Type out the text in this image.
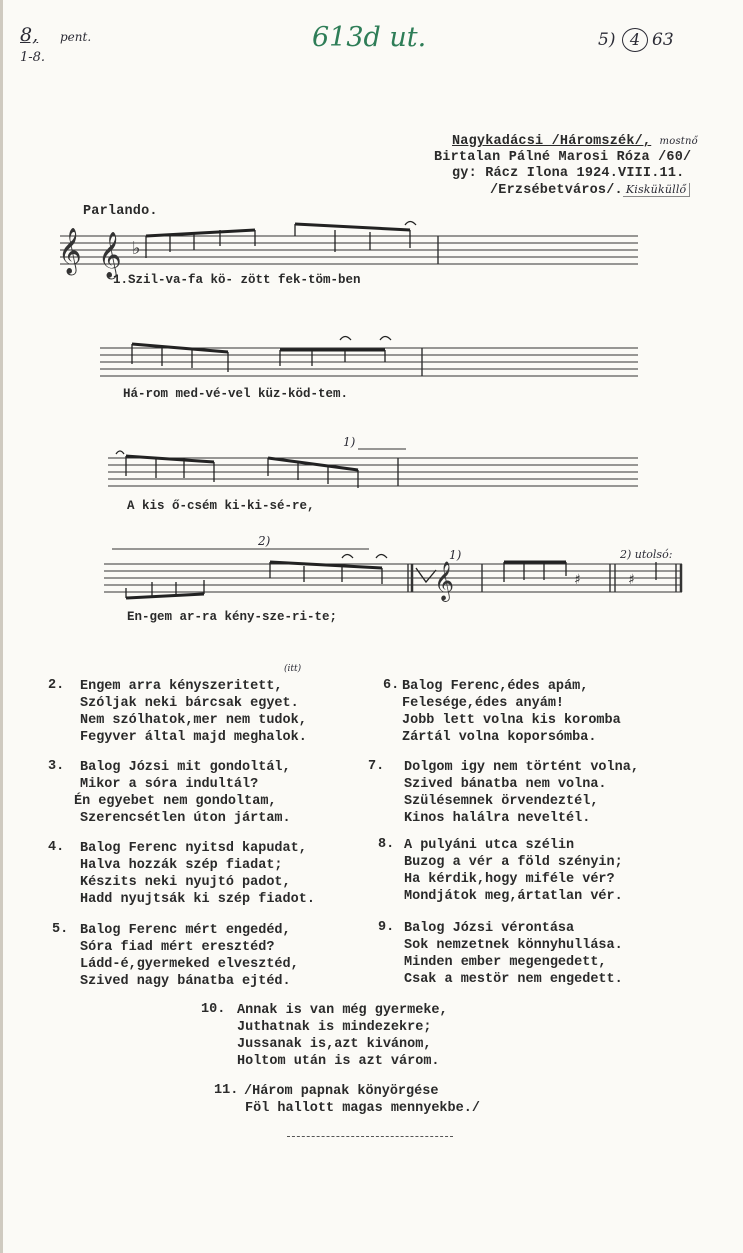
8, pent.
1-8.
613d ut.	5) 4 63
Nagykadácsi /Háromszék/, mostnő
Birtalan Pálné Marosi Róza /60/
gy: Rácz Ilona 1924.VIII.11.
/Erzsébetváros/. Kisküküllő
Parlando.
𝄞 𝄞 ♭
1.Szil-va-fa kö- zött fek-töm-ben
Há-rom med-vé-vel küz-köd-tem.
1)
A kis ő-csém ki-ki-sé-re,
𝄞	♯	♯
2)
1)	2) utolsó:
En-gem ar-ra kény-sze-ri-te;
2.
(itt)
Engem arra kényszeritett,
Szóljak neki bárcsak egyet.
Nem szólhatok,mer nem tudok,
Fegyver által majd meghalok.
3. Balog Józsi mit gondoltál,
Mikor a sóra indultál?
Én egyebet nem gondoltam,
Szerencsétlen úton jártam.
4. Balog Ferenc nyitsd kapudat,
Halva hozzák szép fiadat;
Készits neki nyujtó padot,
Hadd nyujtsák ki szép fiadot.
5. Balog Ferenc mért engedéd,
Sóra fiad mért eresztéd?
Ládd-é,gyermeked elvesztéd,
Szived nagy bánatba ejtéd.
6. Balog Ferenc,édes apám,
Felesége,édes anyám!
Jobb lett volna kis koromba
Zártál volna koporsómba.
7. Dolgom igy nem történt volna,
Szived bánatba nem volna.
Szülésemnek örvendeztél,
Kinos halálra neveltél.
8. A pulyáni utca szélin
Buzog a vér a föld szényin;
Ha kérdik,hogy miféle vér?
Mondjátok meg,ártatlan vér.
9. Balog Józsi vérontása
Sok nemzetnek könnyhullása.
Minden ember megengedett,
Csak a mestör nem engedett.
10. Annak is van még gyermeke,
Juthatnak is mindezekre;
Jussanak is,azt kivánom,
Holtom után is azt várom.
11. /Három papnak könyörgése
Föl hallott magas mennyekbe./
